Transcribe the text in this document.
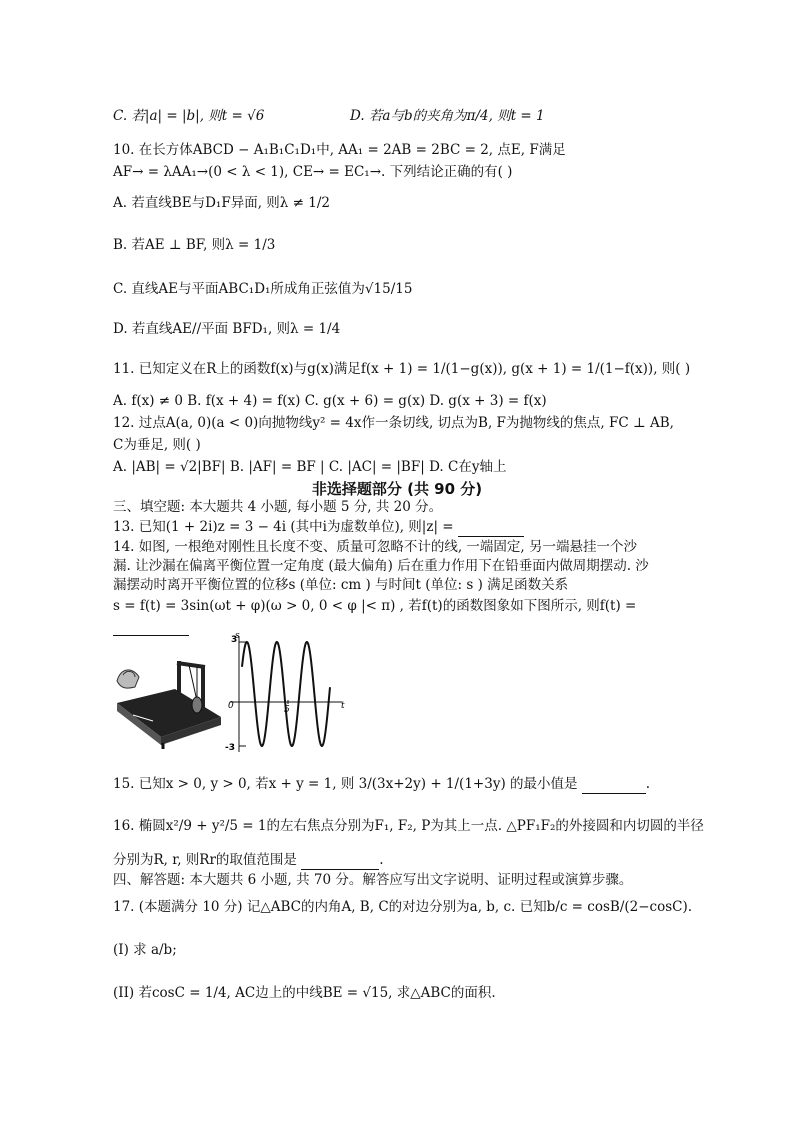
C. 若|a| = |b|, 则t = √6	D. 若a与b的夹角为π/4, 则t = 1
10. 在长方体ABCD − A₁B₁C₁D₁中, AA₁ = 2AB = 2BC = 2, 点E, F满足
AF→ = λAA₁→(0 < λ < 1), CE→ = EC₁→. 下列结论正确的有( )
A. 若直线BE与D₁F异面, 则λ ≠ 1/2
B. 若AE ⊥ BF, 则λ = 1/3
C. 直线AE与平面ABC₁D₁所成角正弦值为√15/15
D. 若直线AE//平面 BFD₁, 则λ = 1/4
11. 已知定义在R上的函数f(x)与g(x)满足f(x + 1) = 1/(1−g(x)), g(x + 1) = 1/(1−f(x)), 则( )
A. f(x) ≠ 0 B. f(x + 4) = f(x) C. g(x + 6) = g(x) D. g(x + 3) = f(x)
12. 过点A(a, 0)(a < 0)向抛物线y² = 4x作一条切线, 切点为B, F为抛物线的焦点, FC ⊥ AB,
C为垂足, 则( )
A. |AB| = √2|BF| B. |AF| = BF | C. |AC| = |BF| D. C在y轴上
非选择题部分 (共 90 分)
三、填空题: 本大题共 4 小题, 每小题 5 分, 共 20 分。
13. 已知(1 + 2i)z = 3 − 4i (其中i为虚数单位), 则|z| =
14. 如图, 一根绝对刚性且长度不变、质量可忽略不计的线, 一端固定, 另一端悬挂一个沙
漏. 让沙漏在偏离平衡位置一定角度 (最大偏角) 后在重力作用下在铅垂面内做周期摆动. 沙
漏摆动时离开平衡位置的位移s (单位: cm ) 与时间t (单位: s ) 满足函数关系
s = f(t) = 3sin(ωt + φ)(ω > 0, 0 < φ |< π) , 若f(t)的函数图象如下图所示, 则f(t) =

3
s
-3
0	5	t
15. 已知x > 0, y > 0, 若x + y = 1, 则 3/(3x+2y) + 1/(1+3y) 的最小值是	.
16. 椭圆x²/9 + y²/5 = 1的左右焦点分别为F₁, F₂, P为其上一点. △PF₁F₂的外接圆和内切圆的半径
分别为R, r, 则Rr的取值范围是	.
四、解答题: 本大题共 6 小题, 共 70 分。解答应写出文字说明、证明过程或演算步骤。
17. (本题满分 10 分) 记△ABC的内角A, B, C的对边分别为a, b, c. 已知b/c = cosB/(2−cosC).
(I) 求 a/b;
(II) 若cosC = 1/4, AC边上的中线BE = √15, 求△ABC的面积.
